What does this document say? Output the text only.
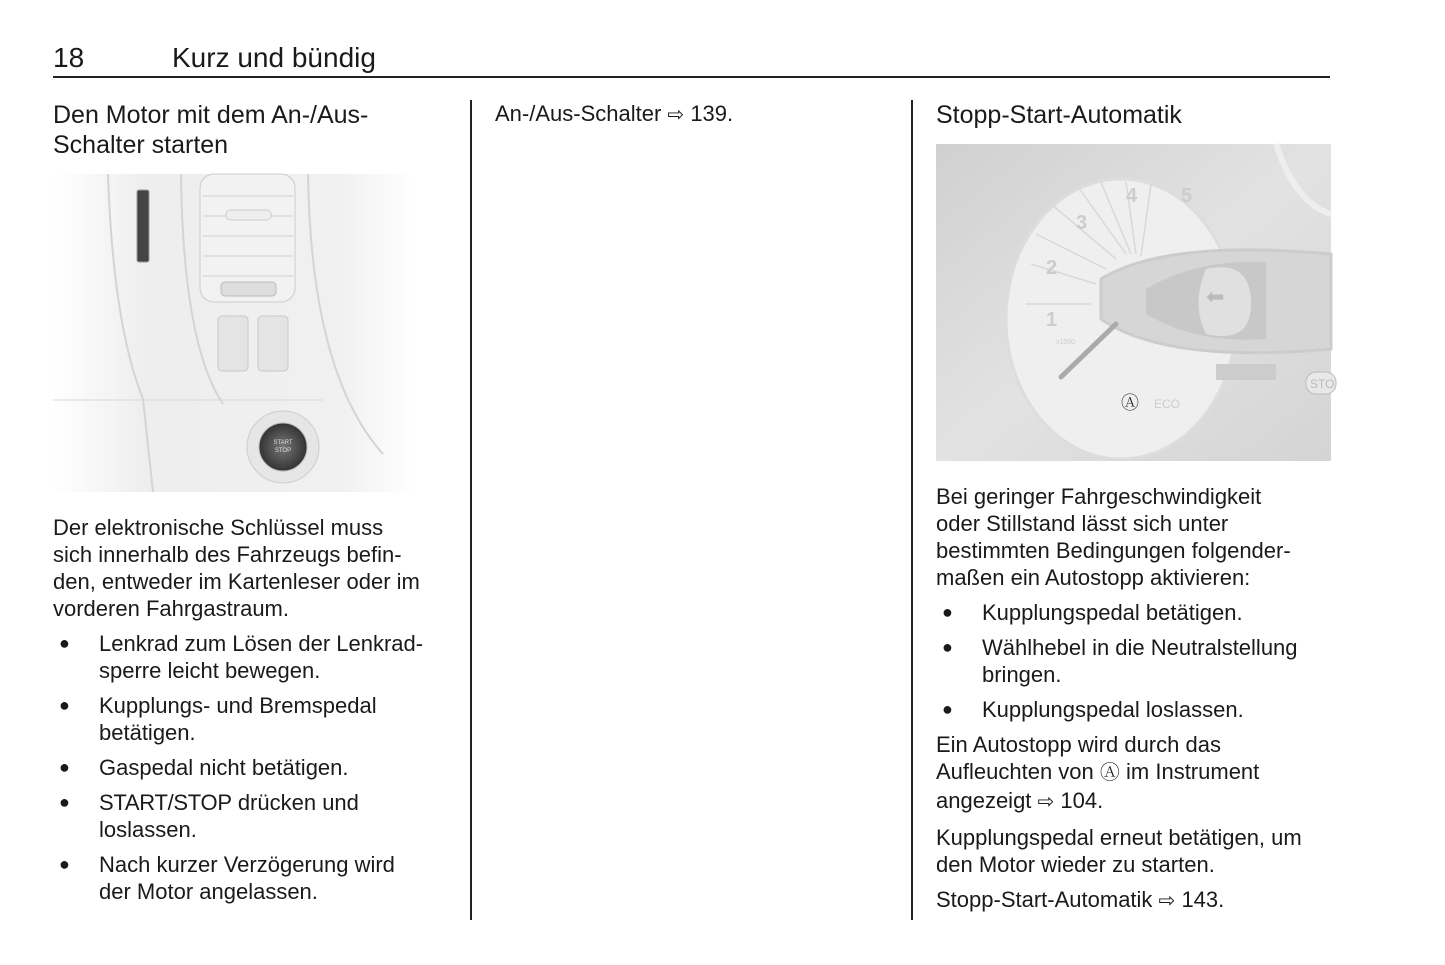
18	Kurz und bündig
Den Motor mit dem An-/Aus-
Schalter starten
START
STOP

Der elektronische Schlüssel muss
sich innerhalb des Fahrzeugs befin-
den, entweder im Kartenleser oder im
vorderen Fahrgastraum.

● Lenkrad zum Lösen der Lenkrad-
sperre leicht bewegen.
● Kupplungs- und Bremspedal
betätigen.
● Gaspedal nicht betätigen.
● START/STOP drücken und
loslassen.
● Nach kurzer Verzögerung wird
der Motor angelassen.

An-/Aus-Schalter ⇨ 139.	Stopp-Start-Automatik
1
2
3
4 5
x1000
⬅
Ⓐ ECO
STO

Bei geringer Fahrgeschwindigkeit
oder Stillstand lässt sich unter
bestimmten Bedingungen folgender-
maßen ein Autostopp aktivieren:

● Kupplungspedal betätigen.
● Wählhebel in die Neutralstellung
bringen.
● Kupplungspedal loslassen.

Ein Autostopp wird durch das
Aufleuchten von Ⓐ im Instrument
angezeigt ⇨ 104.

Kupplungspedal erneut betätigen, um
den Motor wieder zu starten.

Stopp-Start-Automatik ⇨ 143.
